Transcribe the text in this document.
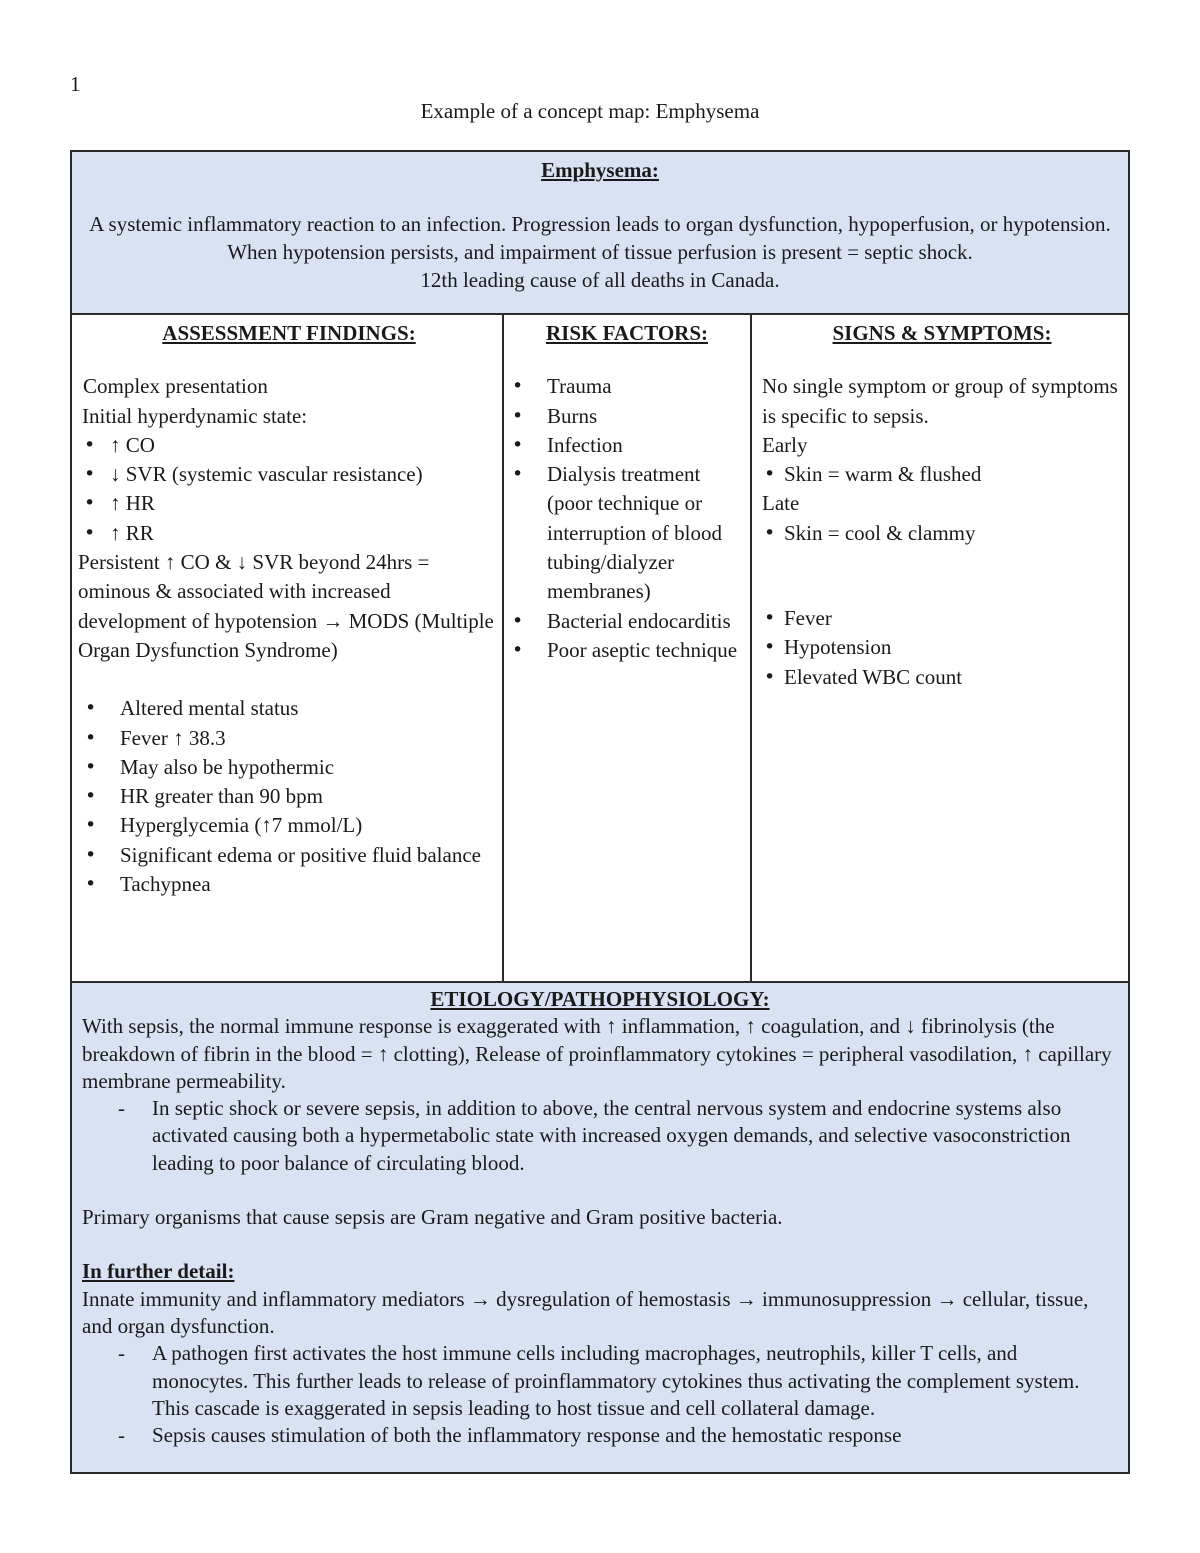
1
Example of a concept map: Emphysema
Emphysema:

A systemic inflammatory reaction to an infection. Progression leads to organ dysfunction, hypoperfusion, or hypotension. When hypotension persists, and impairment of tissue perfusion is present = septic shock.

12th leading cause of all deaths in Canada.

ASSESSMENT FINDINGS:
Complex presentation
Initial hyperdynamic state:
• ↑ CO
• ↓ SVR (systemic vascular resistance)
• ↑ HR
• ↑ RR
Persistent ↑ CO & ↓ SVR beyond 24hrs = ominous & associated with increased development of hypotension → MODS (Multiple Organ Dysfunction Syndrome)
• Altered mental status
• Fever ↑ 38.3
• May also be hypothermic
• HR greater than 90 bpm
• Hyperglycemia (↑7 mmol/L)
• Significant edema or positive fluid balance
• Tachypnea
RISK FACTORS:
• Trauma
• Burns
• Infection
• Dialysis treatment (poor technique or interruption of blood tubing/dialyzer membranes)
• Bacterial endocarditis
• Poor aseptic technique
SIGNS & SYMPTOMS:
No single symptom or group of symptoms is specific to sepsis.
Early
• Skin = warm & flushed
Late
• Skin = cool & clammy
• Fever
• Hypotension
• Elevated WBC count
ETIOLOGY/PATHOPHYSIOLOGY:

With sepsis, the normal immune response is exaggerated with ↑ inflammation, ↑ coagulation, and ↓ fibrinolysis (the breakdown of fibrin in the blood = ↑ clotting), Release of proinflammatory cytokines = peripheral vasodilation, ↑ capillary membrane permeability.

- In septic shock or severe sepsis, in addition to above, the central nervous system and endocrine systems also activated causing both a hypermetabolic state with increased oxygen demands, and selective vasoconstriction leading to poor balance of circulating blood.

Primary organisms that cause sepsis are Gram negative and Gram positive bacteria.

In further detail:

Innate immunity and inflammatory mediators → dysregulation of hemostasis → immunosuppression → cellular, tissue, and organ dysfunction.

- A pathogen first activates the host immune cells including macrophages, neutrophils, killer T cells, and monocytes. This further leads to release of proinflammatory cytokines thus activating the complement system. This cascade is exaggerated in sepsis leading to host tissue and cell collateral damage.
- Sepsis causes stimulation of both the inflammatory response and the hemostatic response
